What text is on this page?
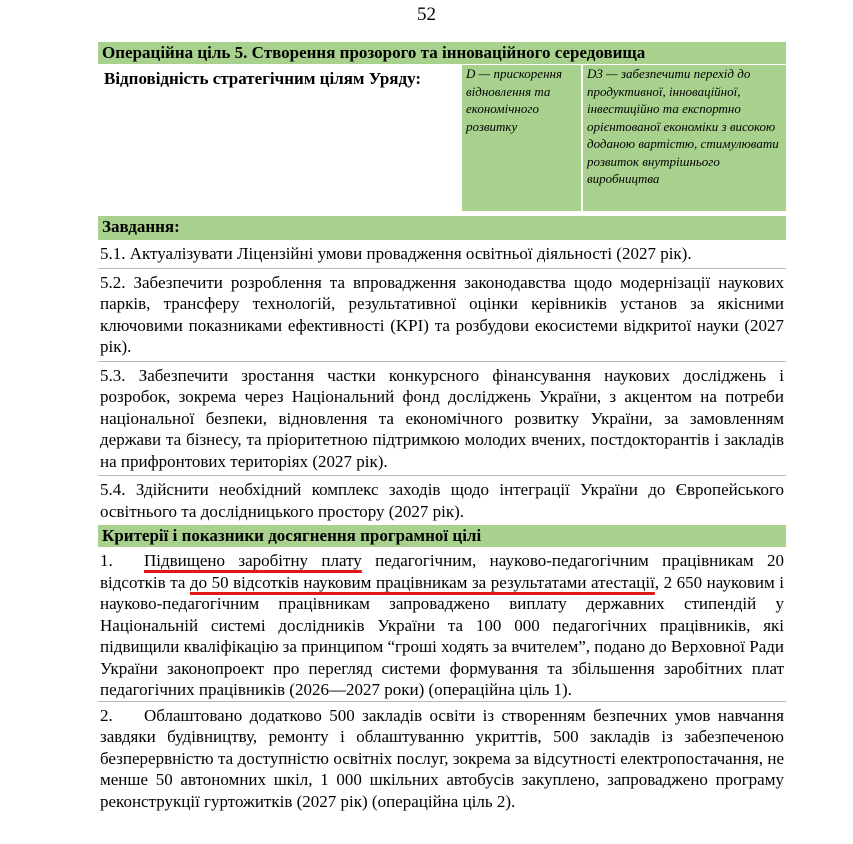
52
Операційна ціль 5. Створення прозорого та інноваційного середовища
Відповідність стратегічним цілям Уряду:	D — прискорення відновлення та економічного розвитку
D3 — забезпечити перехід до продуктивної, інноваційної, інвестиційно та експортно орієнтованої економіки з високою доданою вартістю, стимулювати розвиток внутрішнього виробництва
Завдання:
5.1. Актуалізувати Ліцензійні умови провадження освітньої діяльності (2027 рік).
5.2. Забезпечити розроблення та впровадження законодавства щодо модернізації наукових парків, трансферу технологій, результативної оцінки керівників установ за якісними ключовими показниками ефективності (KPI) та розбудови екосистеми відкритої науки (2027 рік).
5.3. Забезпечити зростання частки конкурсного фінансування наукових досліджень і розробок, зокрема через Національний фонд досліджень України, з акцентом на потреби національної безпеки, відновлення та економічного розвитку України, за замовленням держави та бізнесу, та пріоритетною підтримкою молодих вчених, постдокторантів і закладів на прифронтових територіях (2027 рік).
5.4. Здійснити необхідний комплекс заходів щодо інтеграції України до Європейського освітнього та дослідницького простору (2027 рік).
Критерії і показники досягнення програмної цілі
1. Підвищено заробітну плату педагогічним, науково-педагогічним працівникам 20 відсотків та до 50 відсотків науковим працівникам за результатами атестації, 2 650 науковим і науково-педагогічним працівникам запроваджено виплату державних стипендій у Національній системі дослідників України та 100 000 педагогічних працівників, які підвищили кваліфікацію за принципом “гроші ходять за вчителем”, подано до Верховної Ради України законопроект про перегляд системи формування та збільшення заробітних плат педагогічних працівників (2026—2027 роки) (операційна ціль 1).
2. Облаштовано додатково 500 закладів освіти із створенням безпечних умов навчання завдяки будівництву, ремонту і облаштуванню укриттів, 500 закладів із забезпеченою безперервністю та доступністю освітніх послуг, зокрема за відсутності електропостачання, не менше 50 автономних шкіл, 1 000 шкільних автобусів закуплено, запроваджено програму реконструкції гуртожитків (2027 рік) (операційна ціль 2).
